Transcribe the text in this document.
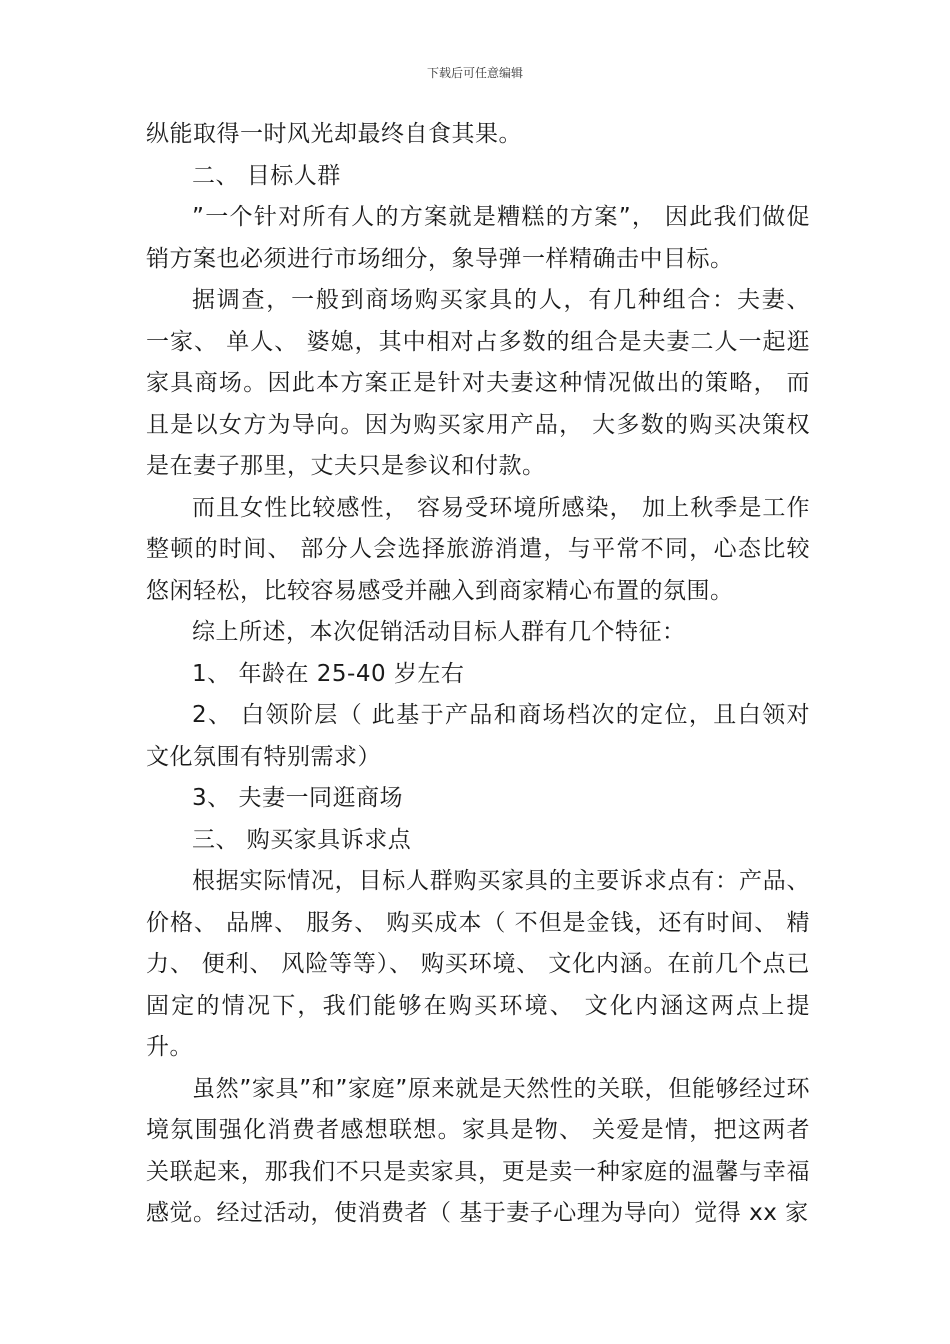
下载后可任意编辑

纵能取得一时风光却最终自食其果。

二、 目标人群

”一个针对所有人的方案就是糟糕的方案”， 因此我们做促销方案也必须进行市场细分，象导弹一样精确击中目标。

据调查，一般到商场购买家具的人，有几种组合：夫妻、 一家、 单人、 婆媳，其中相对占多数的组合是夫妻二人一起逛家具商场。因此本方案正是针对夫妻这种情况做出的策略， 而且是以女方为导向。因为购买家用产品， 大多数的购买决策权是在妻子那里，丈夫只是参议和付款。

而且女性比较感性， 容易受环境所感染， 加上秋季是工作整顿的时间、 部分人会选择旅游消遣，与平常不同，心态比较悠闲轻松，比较容易感受并融入到商家精心布置的氛围。

综上所述，本次促销活动目标人群有几个特征：

1、 年龄在 25-40 岁左右

2、 白领阶层（ 此基于产品和商场档次的定位，且白领对文化氛围有特别需求）

3、 夫妻一同逛商场

三、 购买家具诉求点

根据实际情况，目标人群购买家具的主要诉求点有：产品、价格、 品牌、 服务、 购买成本（ 不但是金钱，还有时间、 精力、 便利、 风险等等）、 购买环境、 文化内涵。在前几个点已固定的情况下，我们能够在购买环境、 文化内涵这两点上提升。

虽然”家具”和”家庭”原来就是天然性的关联，但能够经过环境氛围强化消费者感想联想。家具是物、 关爱是情，把这两者关联起来，那我们不只是卖家具，更是卖一种家庭的温馨与幸福感觉。经过活动，使消费者（ 基于妻子心理为导向）觉得 xx 家
